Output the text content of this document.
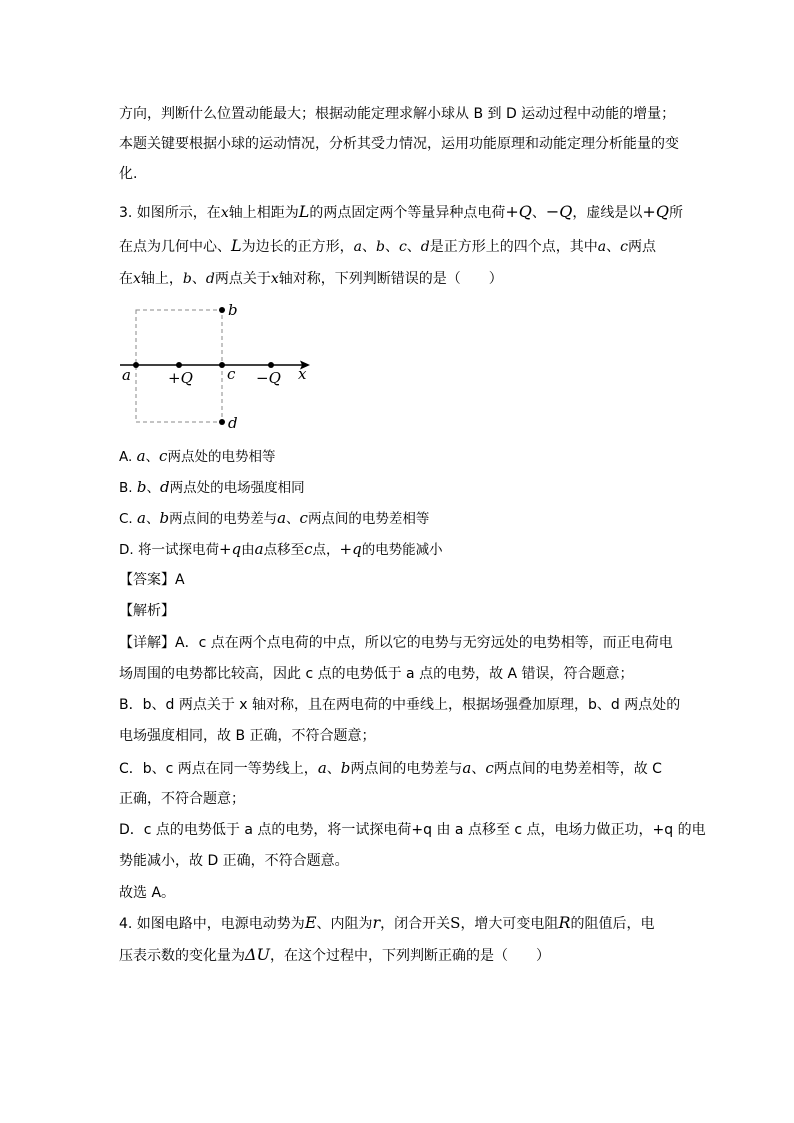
方向，判断什么位置动能最大；根据动能定理求解小球从 B 到 D 运动过程中动能的增量；
本题关键要根据小球的运动情况，分析其受力情况，运用功能原理和动能定理分析能量的变
化.
3. 如图所示，在x轴上相距为L的两点固定两个等量异种点电荷+Q、−Q，虚线是以+Q所
在点为几何中心、L为边长的正方形，a、b、c、d是正方形上的四个点，其中a、c两点
在x轴上，b、d两点关于x轴对称，下列判断错误的是（　　）
b
a +Q c −Q x
d
A. a、c两点处的电势相等
B. b、d两点处的电场强度相同
C. a、b两点间的电势差与a、c两点间的电势差相等
D. 将一试探电荷+q由a点移至c点，+q的电势能减小
【答案】A
【解析】
【详解】A．c 点在两个点电荷的中点，所以它的电势与无穷远处的电势相等，而正电荷电
场周围的电势都比较高，因此 c 点的电势低于 a 点的电势，故 A 错误，符合题意；
B．b、d 两点关于 x 轴对称，且在两电荷的中垂线上，根据场强叠加原理，b、d 两点处的
电场强度相同，故 B 正确，不符合题意；
C．b、c 两点在同一等势线上，a、b两点间的电势差与a、c两点间的电势差相等，故 C
正确，不符合题意；
D．c 点的电势低于 a 点的电势，将一试探电荷+q 由 a 点移至 c 点，电场力做正功，+q 的电
势能减小，故 D 正确，不符合题意。
故选 A。
4. 如图电路中，电源电动势为E、内阻为r，闭合开关S，增大可变电阻R的阻值后，电
压表示数的变化量为ΔU，在这个过程中，下列判断正确的是（　　）
